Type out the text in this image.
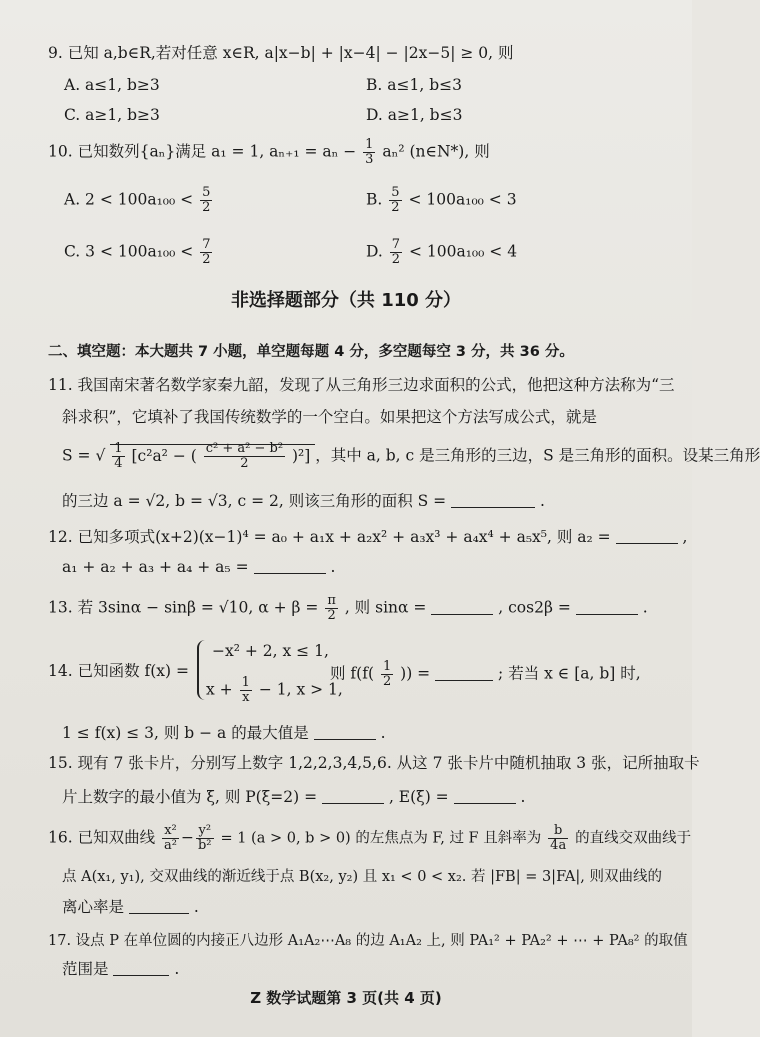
9. 已知 a,b∈R,若对任意 x∈R, a|x−b| + |x−4| − |2x−5| ≥ 0, 则
A. a≤1, b≥3	B. a≤1, b≤3
C. a≥1, b≥3	D. a≥1, b≤3
10. 已知数列{aₙ}满足 a₁ = 1, $a_{n+1} = a_n - \frac{1}{3} a_n^2$ (n∈N*), 则
A. $2 < 100a_{100} < \frac{5}{2}$	B. $\frac{5}{2} < 100a_{100} < 3$
C. $3 < 100a_{100} < \frac{7}{2}$	D. $\frac{7}{2} < 100a_{100} < 4$
非选择题部分（共 110 分）
二、填空题：本大题共 7 小题，单空题每题 4 分，多空题每空 3 分，共 36 分。
11. 我国南宋著名数学家秦九韶，发现了从三角形三边求面积的公式，他把这种方法称为“三
斜求积”，它填补了我国传统数学的一个空白。如果把这个方法写成公式，就是
S = √ $\frac{1}{4} [c^2a^2$ − ( $\frac{\text{c² + a² − b²}}{2} )^2$] ，其中 a, b, c 是三角形的三边，S 是三角形的面积。设某三角形
的三边 a = √2, b = √3, c = 2, 则该三角形的面积 S =	.
12. 已知多项式(x+2)(x−1)⁴ = a₀ + a₁x + a₂x² + a₃x³ + a₄x⁴ + a₅x⁵, 则 a₂ =	,
a₁ + a₂ + a₃ + a₄ + a₅ =	.
13. 若 3sinα − sinβ = √10, $\alpha + \beta = \frac{\pi}{2}$ , 则 sinα =	, cos2β =	.
14. 已知函数 f(x) =
−x² + 2, x ≤ 1,
$x + \frac{1}{x} - 1$, x > 1,
则 $f(f( \frac{1}{2}$ )) =	; 若当 x ∈ [a, b] 时,
1 ≤ f(x) ≤ 3, 则 b − a 的最大值是	.
15. 现有 7 张卡片，分别写上数字 1,2,2,3,4,5,6. 从这 7 张卡片中随机抽取 3 张，记所抽取卡
片上数字的最小值为 ξ, 则 P(ξ=2) =	, E(ξ) =	.
16. 已知双曲线 $\frac{\text{x²}}{\text{a²}} - \frac{\text{y²}}{\text{b²}} = 1$ (a > 0, b > 0) 的左焦点为 F, 过 F 且斜率为 $\frac{b}{4a}$ 的直线交双曲线于
点 A(x₁, y₁), 交双曲线的渐近线于点 B(x₂, y₂) 且 x₁ < 0 < x₂. 若 |FB| = 3|FA|, 则双曲线的
离心率是	.
17. 设点 P 在单位圆的内接正八边形 A₁A₂⋯A₈ 的边 A₁A₂ 上, 则 PA₁² + PA₂² + ⋯ + PA₈² 的取值
范围是	.
Z 数学试题第 3 页(共 4 页)
